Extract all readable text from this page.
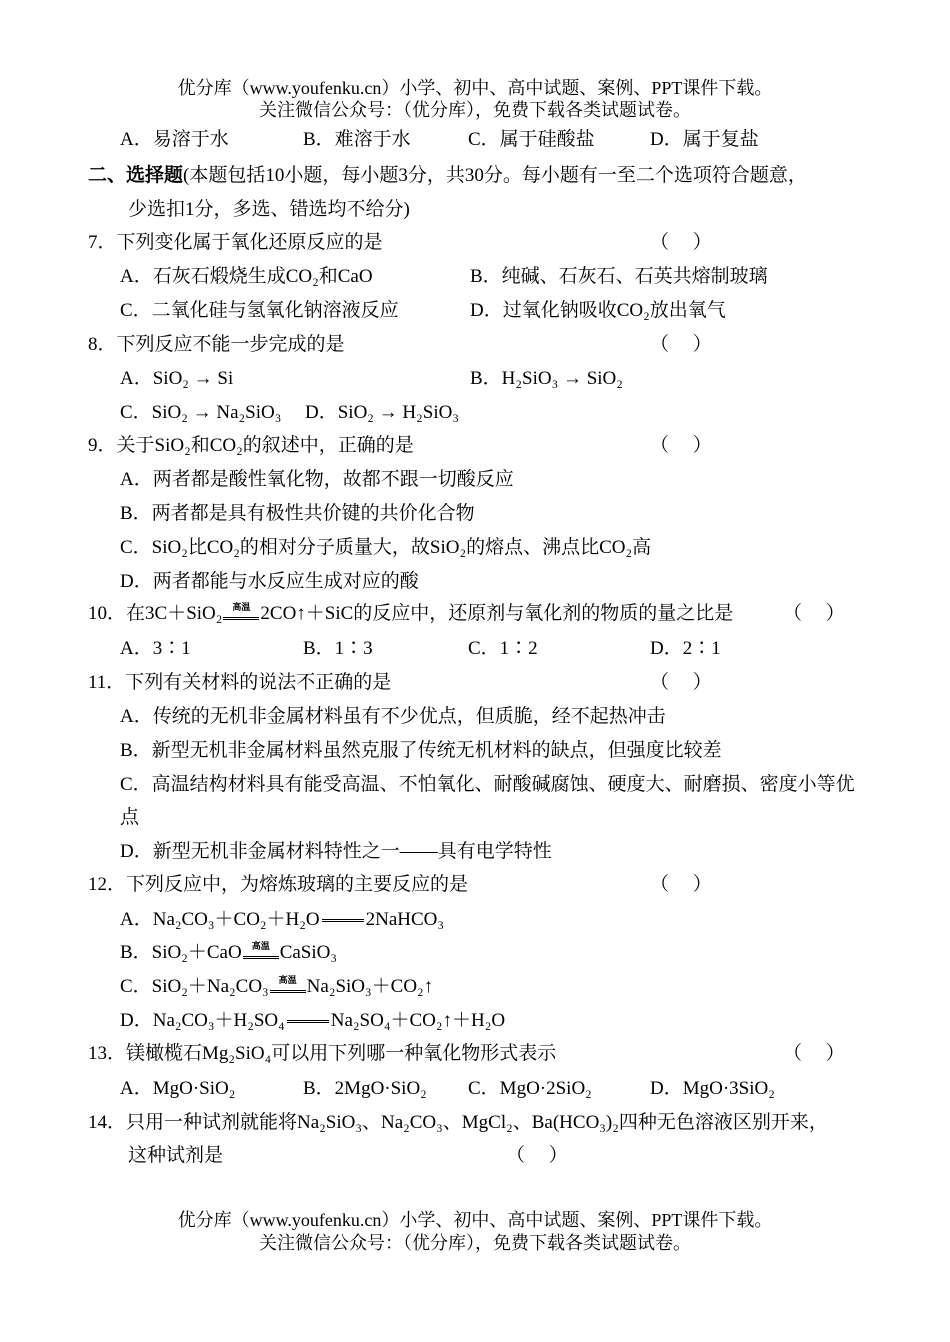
优分库（www.youfenku.cn）小学、初中、高中试题、案例、PPT课件下载。
关注微信公众号：（优分库），免费下载各类试题试卷。
A．易溶于水	B．难溶于水	C．属于硅酸盐	D．属于复盐
二、选择题(本题包括10小题，每小题3分，共30分。每小题有一至二个选项符合题意，
少选扣1分，多选、错选均不给分)
7．下列变化属于氧化还原反应的是	（     ）
A．石灰石煅烧生成CO₂和CaO	B．纯碱、石灰石、石英共熔制玻璃
C．二氧化硅与氢氧化钠溶液反应	D．过氧化钠吸收CO₂放出氧气
8．下列反应不能一步完成的是	（     ）
A．SiO₂ → Si	B．H₂SiO₃ → SiO₂
C．SiO₂ → Na₂SiO₃ D．SiO₂ → H₂SiO₃
9．关于SiO₂和CO₂的叙述中，正确的是	（     ）
A．两者都是酸性氧化物，故都不跟一切酸反应
B．两者都是具有极性共价键的共价化合物
C．SiO₂比CO₂的相对分子质量大，故SiO₂的熔点、沸点比CO₂高
D．两者都能与水反应生成对应的酸
10．在3C＋SiO₂	高温 2CO↑＋SiC的反应中，还原剂与氧化剂的物质的量之比是	（     ）
A．3∶1	B．1∶3	C．1∶2	D．2∶1
11．下列有关材料的说法不正确的是	（     ）
A．传统的无机非金属材料虽有不少优点，但质脆，经不起热冲击
B．新型无机非金属材料虽然克服了传统无机材料的缺点，但强度比较差
C．高温结构材料具有能受高温、不怕氧化、耐酸碱腐蚀、硬度大、耐磨损、密度小等优
点
D．新型无机非金属材料特性之一——具有电学特性
12．下列反应中，为熔炼玻璃的主要反应的是	（     ）
A．Na₂CO₃＋CO₂＋H₂O 2NaHCO₃
B．SiO₂＋CaO	高温 CaSiO₃
C．SiO₂＋Na₂CO₃	高温 Na₂SiO₃＋CO₂↑
D．Na₂CO₃＋H₂SO₄ Na₂SO₄＋CO₂↑＋H₂O
13．镁橄榄石Mg₂SiO₄可以用下列哪一种氧化物形式表示	（     ）
A．MgO·SiO₂	B．2MgO·SiO₂ C．MgO·2SiO₂	D．MgO·3SiO₂
14．只用一种试剂就能将Na₂SiO₃、Na₂CO₃、MgCl₂、Ba(HCO₃)₂四种无色溶液区别开来，
这种试剂是	（     ）
优分库（www.youfenku.cn）小学、初中、高中试题、案例、PPT课件下载。
关注微信公众号：（优分库），免费下载各类试题试卷。
